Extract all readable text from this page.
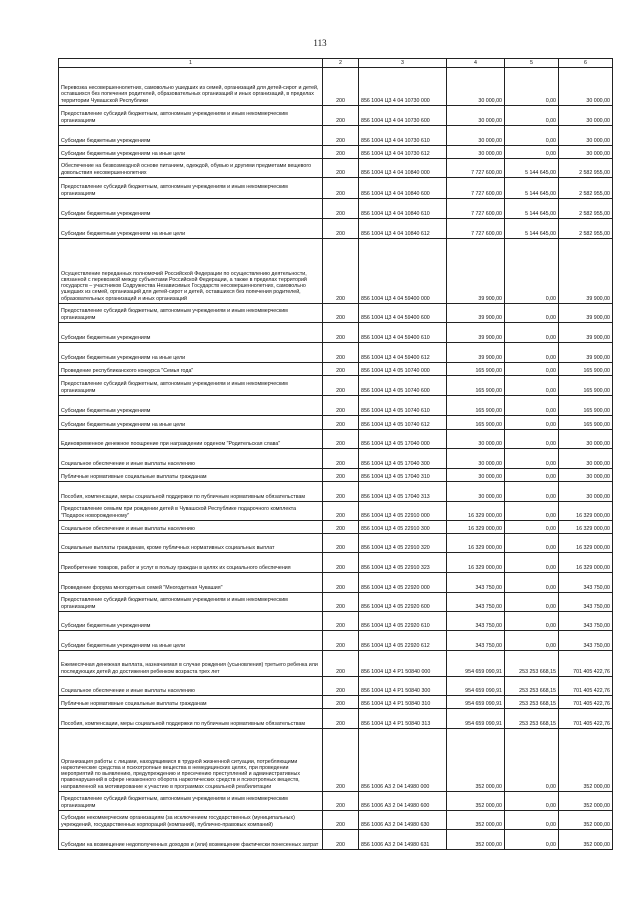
113
1	2	3	4	5	6
Перевозка несовершеннолетних, самовольно ушедших из семей, организаций для детей-сирот и детей, оставшихся без попечения родителей, образовательных организаций и иных организаций, в пределах территории Чувашской Республики	200	856 1004 Ц3 4 04 10730 000	30 000,00	0,00	30 000,00
Предоставление субсидий бюджетным, автономным учреждениям и иным некоммерческим организациям	200	856 1004 Ц3 4 04 10730 600	30 000,00	0,00	30 000,00
Субсидии бюджетным учреждениям	200	856 1004 Ц3 4 04 10730 610	30 000,00	0,00	30 000,00
Субсидии бюджетным учреждениям на иные цели	200	856 1004 Ц3 4 04 10730 612	30 000,00	0,00	30 000,00
Обеспечение на безвозмездной основе питанием, одеждой, обувью и другими предметами вещевого довольствия несовершеннолетних	200	856 1004 Ц3 4 04 10840 000	7 727 600,00	5 144 645,00	2 582 955,00
Предоставление субсидий бюджетным, автономным учреждениям и иным некоммерческим организациям	200	856 1004 Ц3 4 04 10840 600	7 727 600,00	5 144 645,00	2 582 955,00
Субсидии бюджетным учреждениям	200	856 1004 Ц3 4 04 10840 610	7 727 600,00	5 144 645,00	2 582 955,00
Субсидии бюджетным учреждениям на иные цели	200	856 1004 Ц3 4 04 10840 612	7 727 600,00	5 144 645,00	2 582 955,00
Осуществление переданных полномочий Российской Федерации по осуществлению деятельности, связанной с перевозкой между субъектами Российской Федерации, а также в пределах территорий государств – участников Содружества Независимых Государств несовершеннолетних, самовольно ушедших из семей, организаций для детей-сирот и детей, оставшихся без попечения родителей, образовательных организаций и иных организаций	200	856 1004 Ц3 4 04 59400 000	39 900,00	0,00	39 900,00
Предоставление субсидий бюджетным, автономным учреждениям и иным некоммерческим организациям	200	856 1004 Ц3 4 04 59400 600	39 900,00	0,00	39 900,00
Субсидии бюджетным учреждениям	200	856 1004 Ц3 4 04 59400 610	39 900,00	0,00	39 900,00
Субсидии бюджетным учреждениям на иные цели	200	856 1004 Ц3 4 04 59400 612	39 900,00	0,00	39 900,00
Проведение республиканского конкурса "Семья года"	200	856 1004 Ц3 4 05 10740 000	165 900,00	0,00	165 900,00
Предоставление субсидий бюджетным, автономным учреждениям и иным некоммерческим организациям	200	856 1004 Ц3 4 05 10740 600	165 900,00	0,00	165 900,00
Субсидии бюджетным учреждениям	200	856 1004 Ц3 4 05 10740 610	165 900,00	0,00	165 900,00
Субсидии бюджетным учреждениям на иные цели	200	856 1004 Ц3 4 05 10740 612	165 900,00	0,00	165 900,00
Единовременное денежное поощрение при награждении орденом "Родительская слава"	200	856 1004 Ц3 4 05 17040 000	30 000,00	0,00	30 000,00
Социальное обеспечение и иные выплаты населению	200	856 1004 Ц3 4 05 17040 300	30 000,00	0,00	30 000,00
Публичные нормативные социальные выплаты гражданам	200	856 1004 Ц3 4 05 17040 310	30 000,00	0,00	30 000,00
Пособия, компенсации, меры социальной поддержки по публичным нормативным обязательствам	200	856 1004 Ц3 4 05 17040 313	30 000,00	0,00	30 000,00
Предоставление семьям при рождении детей в Чувашской Республике подарочного комплекта "Подарок новорожденному"	200	856 1004 Ц3 4 05 22910 000	16 329 000,00	0,00	16 329 000,00
Социальное обеспечение и иные выплаты населению	200	856 1004 Ц3 4 05 22910 300	16 329 000,00	0,00	16 329 000,00
Социальные выплаты гражданам, кроме публичных нормативных социальных выплат	200	856 1004 Ц3 4 05 22910 320	16 329 000,00	0,00	16 329 000,00
Приобретение товаров, работ и услуг в пользу граждан в целях их социального обеспечения	200	856 1004 Ц3 4 05 22910 323	16 329 000,00	0,00	16 329 000,00
Проведение форума многодетных семей "Многодетная Чувашия"	200	856 1004 Ц3 4 05 22920 000	343 750,00	0,00	343 750,00
Предоставление субсидий бюджетным, автономным учреждениям и иным некоммерческим организациям	200	856 1004 Ц3 4 05 22920 600	343 750,00	0,00	343 750,00
Субсидии бюджетным учреждениям	200	856 1004 Ц3 4 05 22920 610	343 750,00	0,00	343 750,00
Субсидии бюджетным учреждениям на иные цели	200	856 1004 Ц3 4 05 22920 612	343 750,00	0,00	343 750,00
Ежемесячная денежная выплата, назначаемая в случае рождения (усыновления) третьего ребенка или последующих детей до достижения ребенком возраста трех лет	200	856 1004 Ц3 4 Р1 50840 000	954 659 090,91	253 253 668,15	701 405 422,76
Социальное обеспечение и иные выплаты населению	200	856 1004 Ц3 4 Р1 50840 300	954 659 090,91	253 253 668,15	701 405 422,76
Публичные нормативные социальные выплаты гражданам	200	856 1004 Ц3 4 Р1 50840 310	954 659 090,91	253 253 668,15	701 405 422,76
Пособия, компенсации, меры социальной поддержки по публичным нормативным обязательствам	200	856 1004 Ц3 4 Р1 50840 313	954 659 090,91	253 253 668,15	701 405 422,76
Организация работы с лицами, находящимися в трудной жизненной ситуации, потребляющими наркотические средства и психотропные вещества в немедицинских целях, при проведении мероприятий по выявлению, предупреждению и пресечению преступлений и административных правонарушений в сфере незаконного оборота наркотических средств и психотропных веществ, направленной на мотивирование к участию в программах социальной реабилитации	200	856 1006 А3 2 04 14980 000	352 000,00	0,00	352 000,00
Предоставление субсидий бюджетным, автономным учреждениям и иным некоммерческим организациям	200	856 1006 А3 2 04 14980 600	352 000,00	0,00	352 000,00
Субсидии некоммерческим организациям (за исключением государственных (муниципальных) учреждений, государственных корпораций (компаний), публично-правовых компаний)	200	856 1006 А3 2 04 14980 630	352 000,00	0,00	352 000,00
Субсидии на возмещение недополученных доходов и (или) возмещение фактически понесенных затрат	200	856 1006 А3 2 04 14980 631	352 000,00	0,00	352 000,00
